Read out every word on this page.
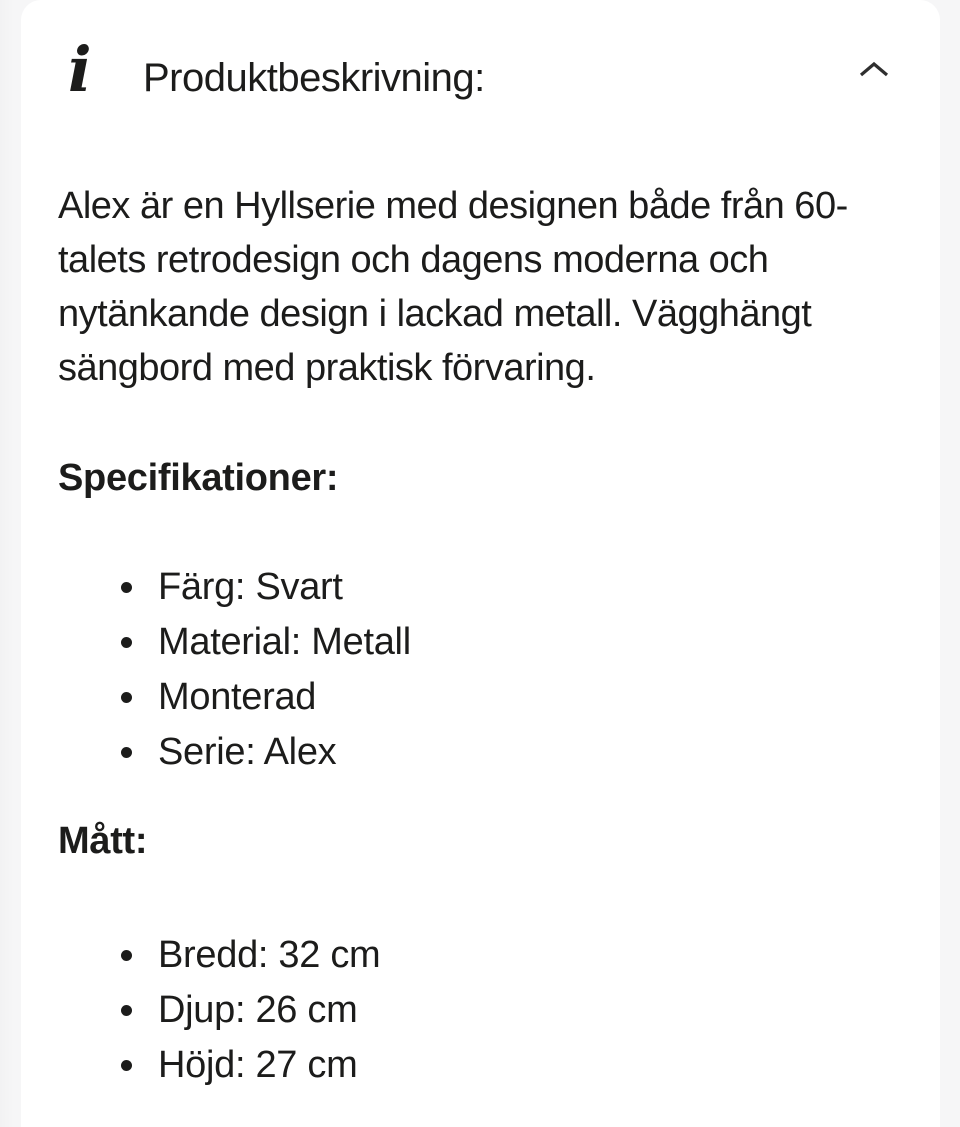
i	Produktbeskrivning:
Alex är en Hyllserie med designen både från 60-
talets retrodesign och dagens moderna och
nytänkande design i lackad metall. Vägghängt
sängbord med praktisk förvaring.
Specifikationer:
Färg: Svart
Material: Metall
Monterad
Serie: Alex
Mått:
Bredd: 32 cm
Djup: 26 cm
Höjd: 27 cm
